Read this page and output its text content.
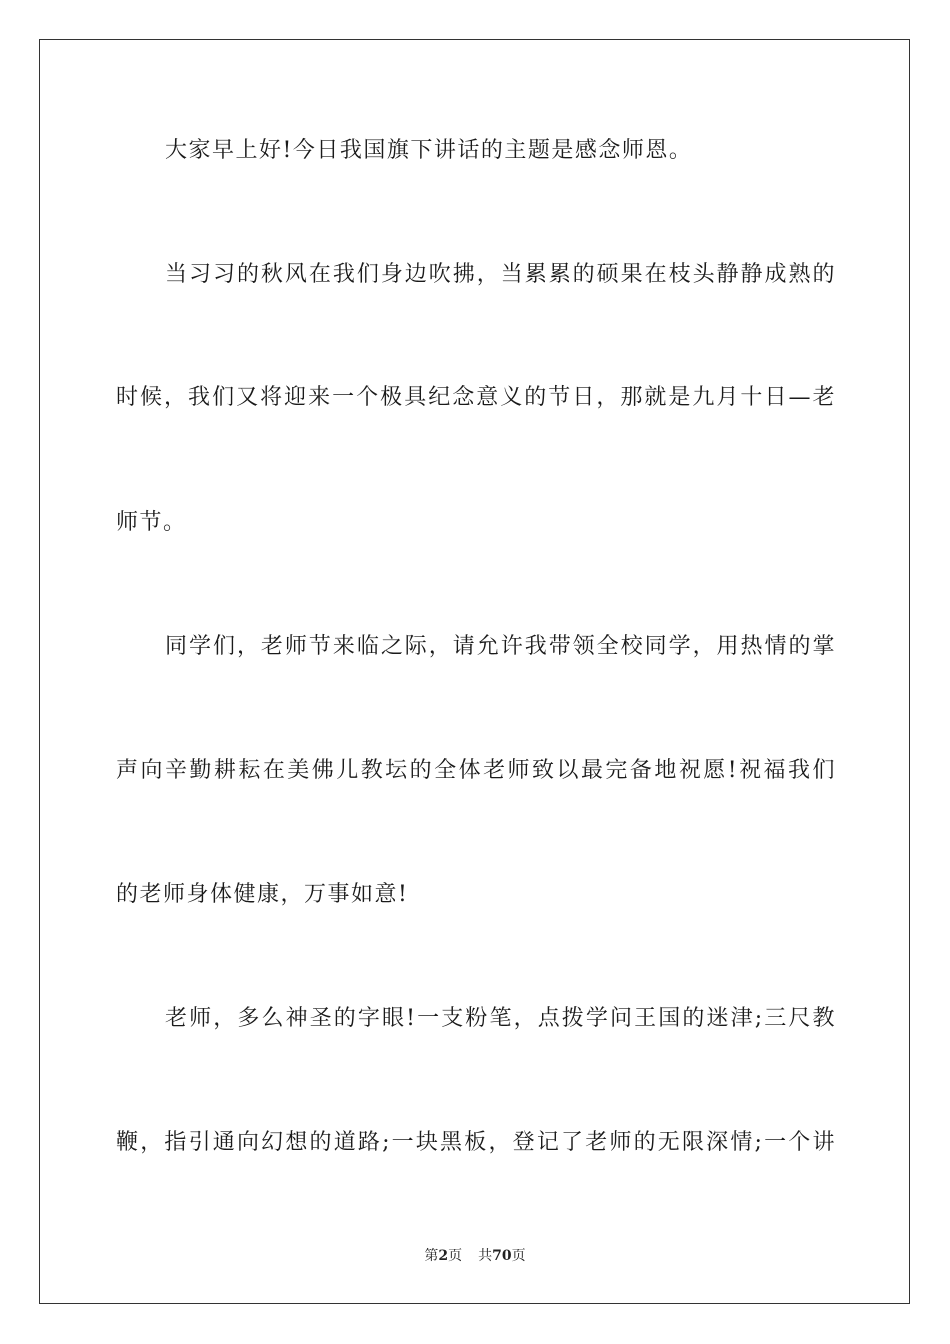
大家早上好!今日我国旗下讲话的主题是感念师恩。
当习习的秋风在我们身边吹拂，当累累的硕果在枝头静静成熟的
时候，我们又将迎来一个极具纪念意义的节日，那就是九月十日—老
师节。
同学们，老师节来临之际，请允许我带领全校同学，用热情的掌
声向辛勤耕耘在美佛儿教坛的全体老师致以最完备地祝愿!祝福我们
的老师身体健康，万事如意!
老师，多么神圣的字眼!一支粉笔，点拨学问王国的迷津;三尺教
鞭，指引通向幻想的道路;一块黑板，登记了老师的无限深情;一个讲
第2页 共70页
